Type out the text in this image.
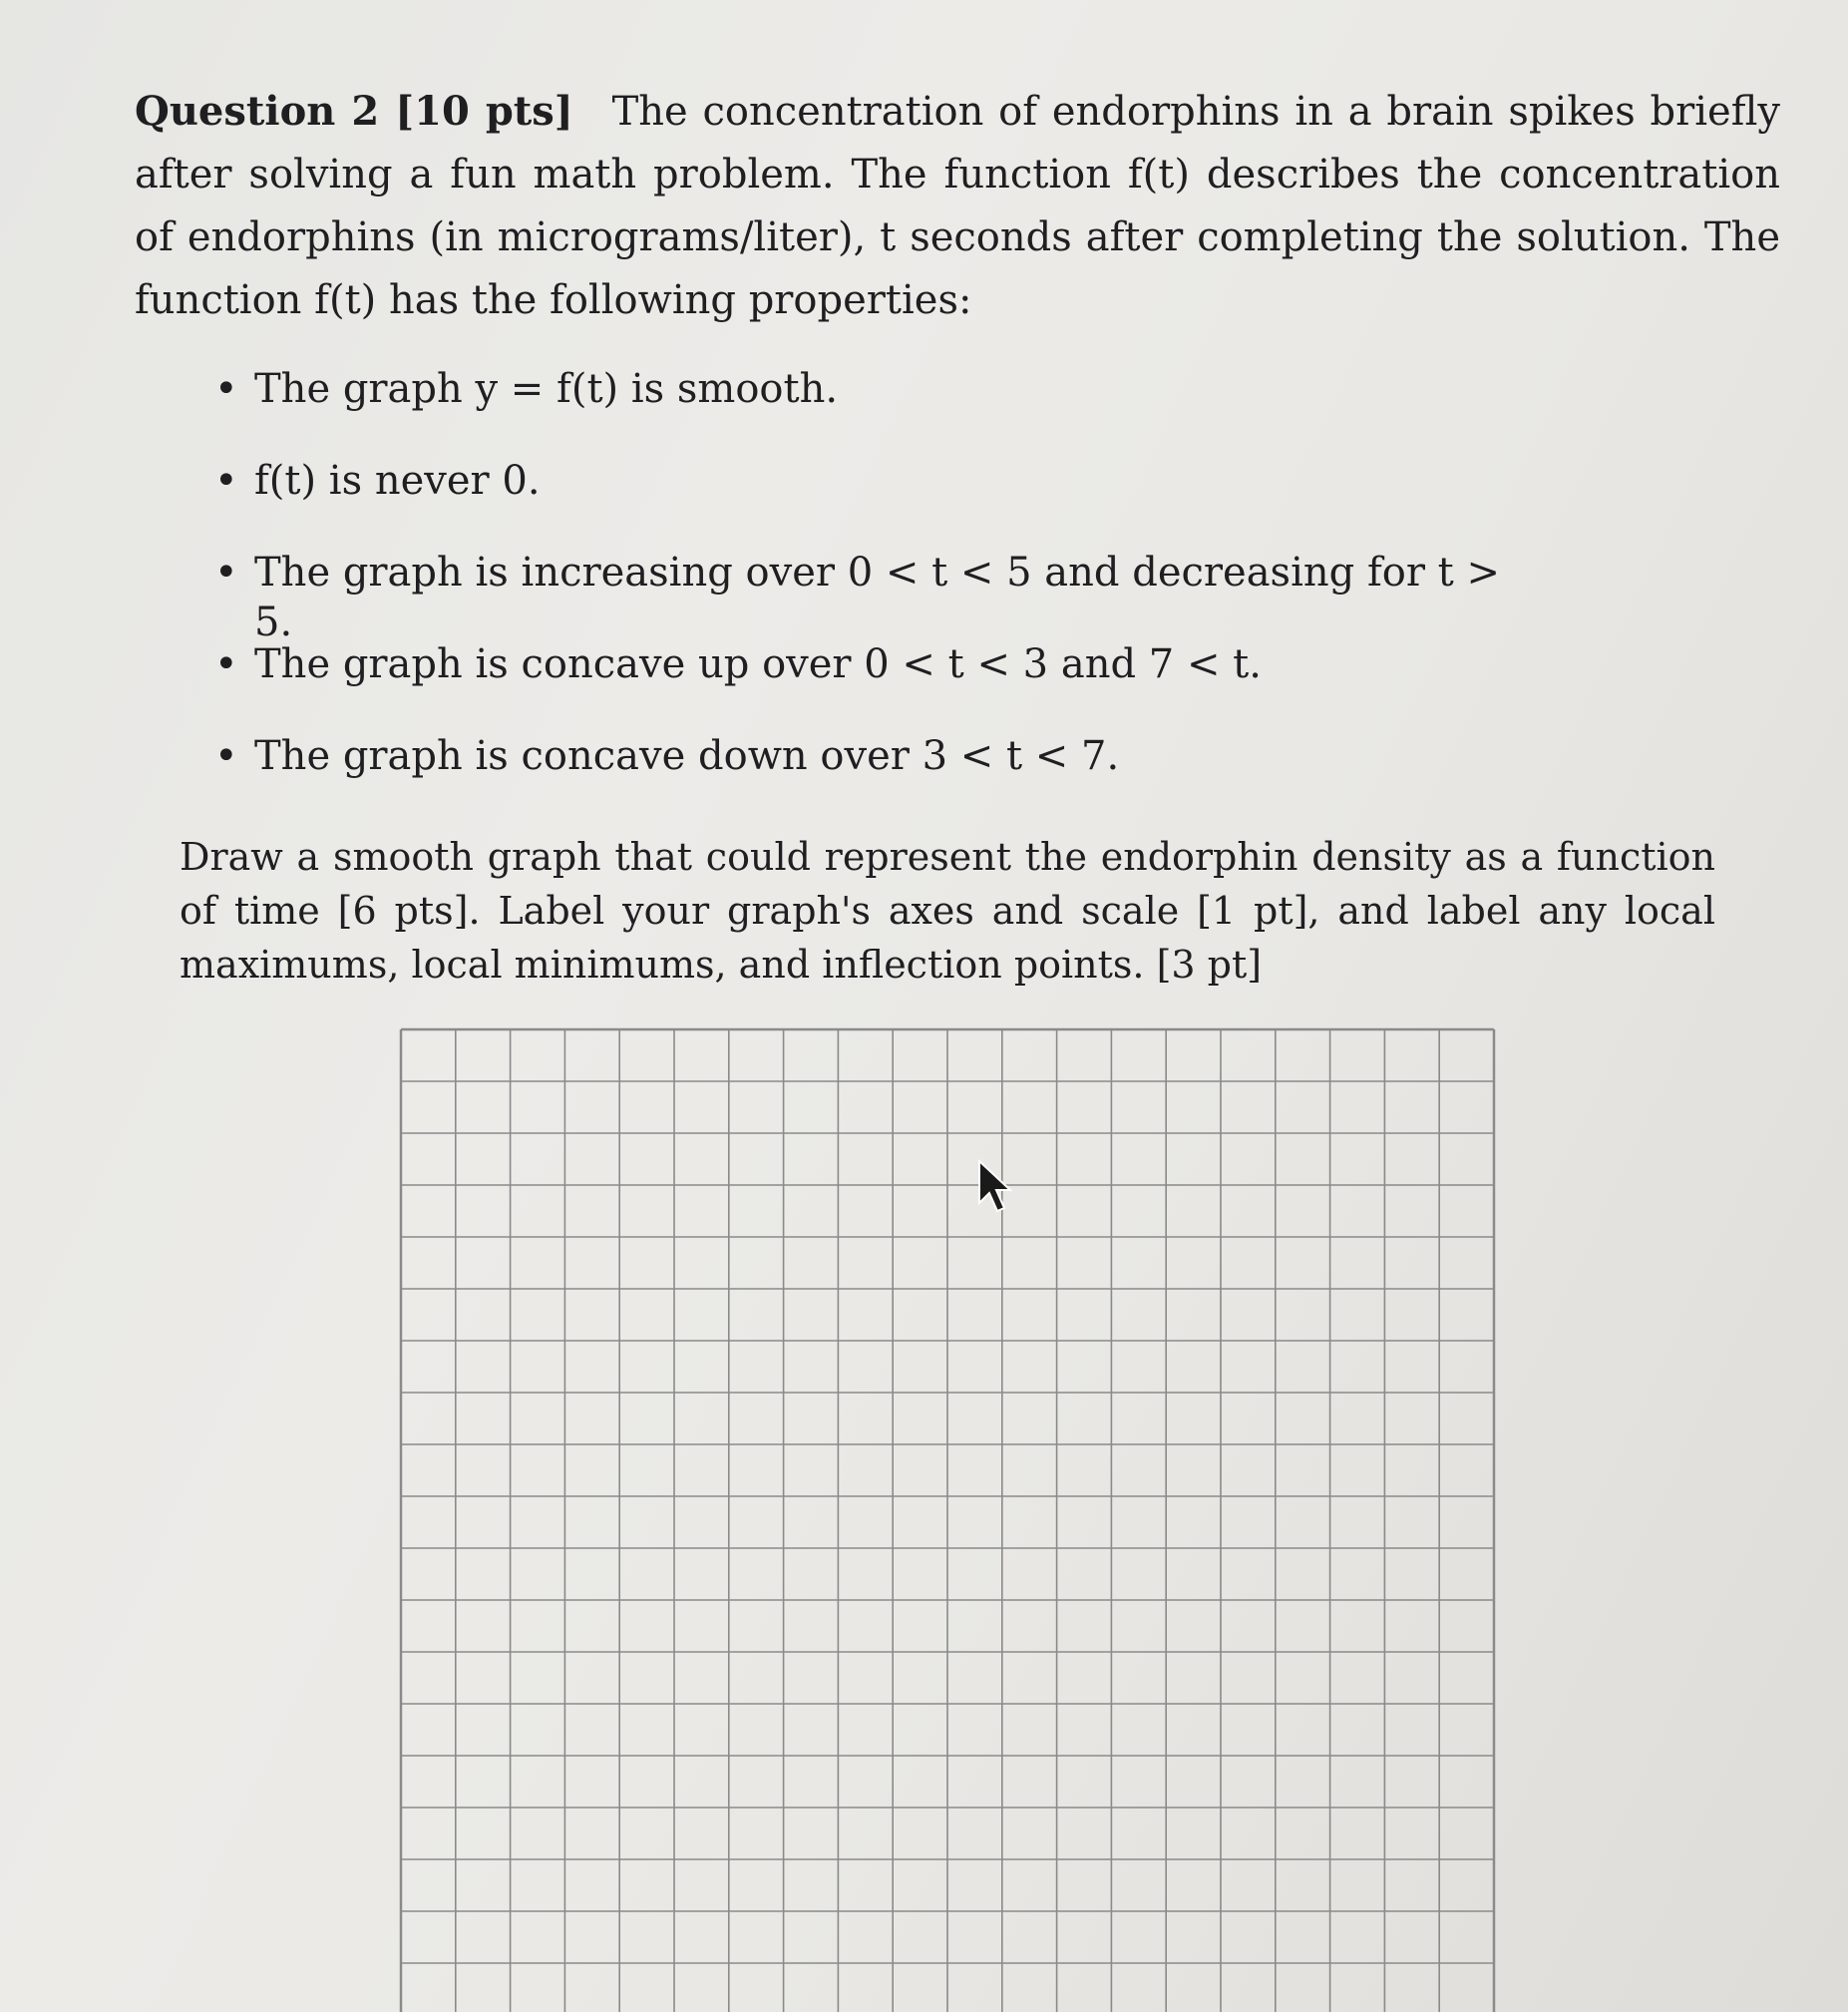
Question 2 [10 pts] The concentration of endorphins in a brain spikes briefly after solving a fun math problem. The function f(t) describes the concentration of endorphins (in micrograms/liter), t seconds after completing the solution. The function f(t) has the following properties:
• The graph y = f(t) is smooth.
• f(t) is never 0.
• The graph is increasing over 0 < t < 5 and decreasing for t > 5.
• The graph is concave up over 0 < t < 3 and 7 < t.
• The graph is concave down over 3 < t < 7.
Draw a smooth graph that could represent the endorphin density as a function of time [6 pts]. Label your graph's axes and scale [1 pt], and label any local maximums, local minimums, and inflection points. [3 pt]
